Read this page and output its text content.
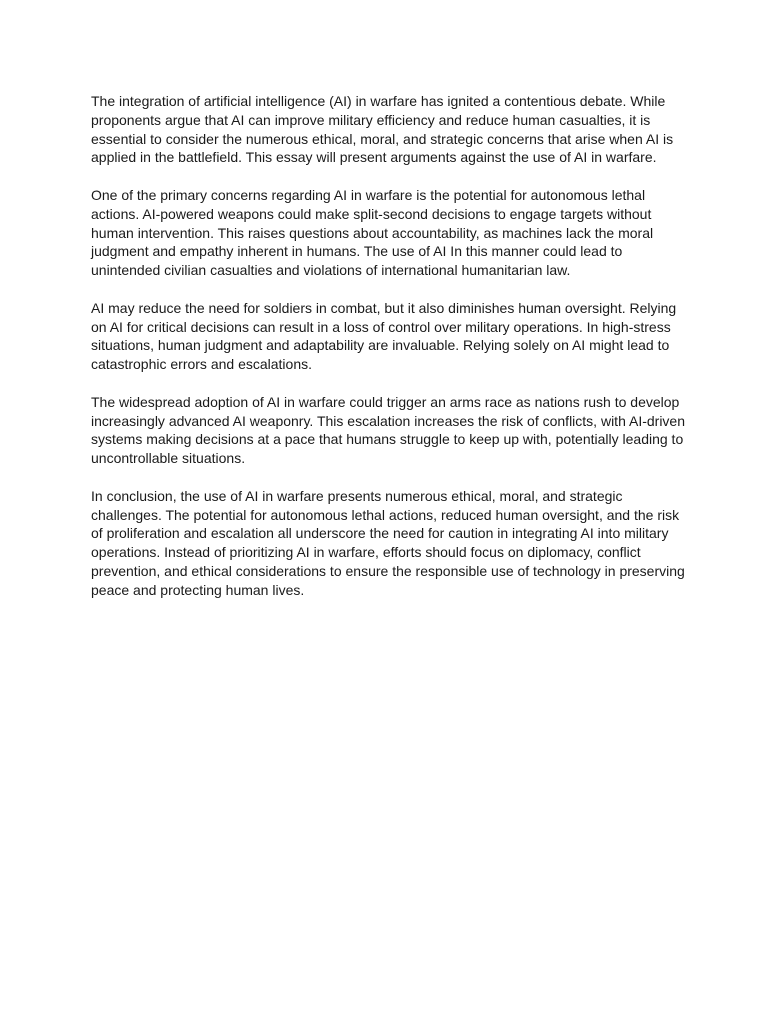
The integration of artificial intelligence (AI) in warfare has ignited a contentious debate. While
proponents argue that AI can improve military efficiency and reduce human casualties, it is
essential to consider the numerous ethical, moral, and strategic concerns that arise when AI is
applied in the battlefield. This essay will present arguments against the use of AI in warfare.

One of the primary concerns regarding AI in warfare is the potential for autonomous lethal
actions. AI-powered weapons could make split-second decisions to engage targets without
human intervention. This raises questions about accountability, as machines lack the moral
judgment and empathy inherent in humans. The use of AI In this manner could lead to
unintended civilian casualties and violations of international humanitarian law.

AI may reduce the need for soldiers in combat, but it also diminishes human oversight. Relying
on AI for critical decisions can result in a loss of control over military operations. In high-stress
situations, human judgment and adaptability are invaluable. Relying solely on AI might lead to
catastrophic errors and escalations.

The widespread adoption of AI in warfare could trigger an arms race as nations rush to develop
increasingly advanced AI weaponry. This escalation increases the risk of conflicts, with AI-driven
systems making decisions at a pace that humans struggle to keep up with, potentially leading to
uncontrollable situations.

In conclusion, the use of AI in warfare presents numerous ethical, moral, and strategic
challenges. The potential for autonomous lethal actions, reduced human oversight, and the risk
of proliferation and escalation all underscore the need for caution in integrating AI into military
operations. Instead of prioritizing AI in warfare, efforts should focus on diplomacy, conflict
prevention, and ethical considerations to ensure the responsible use of technology in preserving
peace and protecting human lives.
